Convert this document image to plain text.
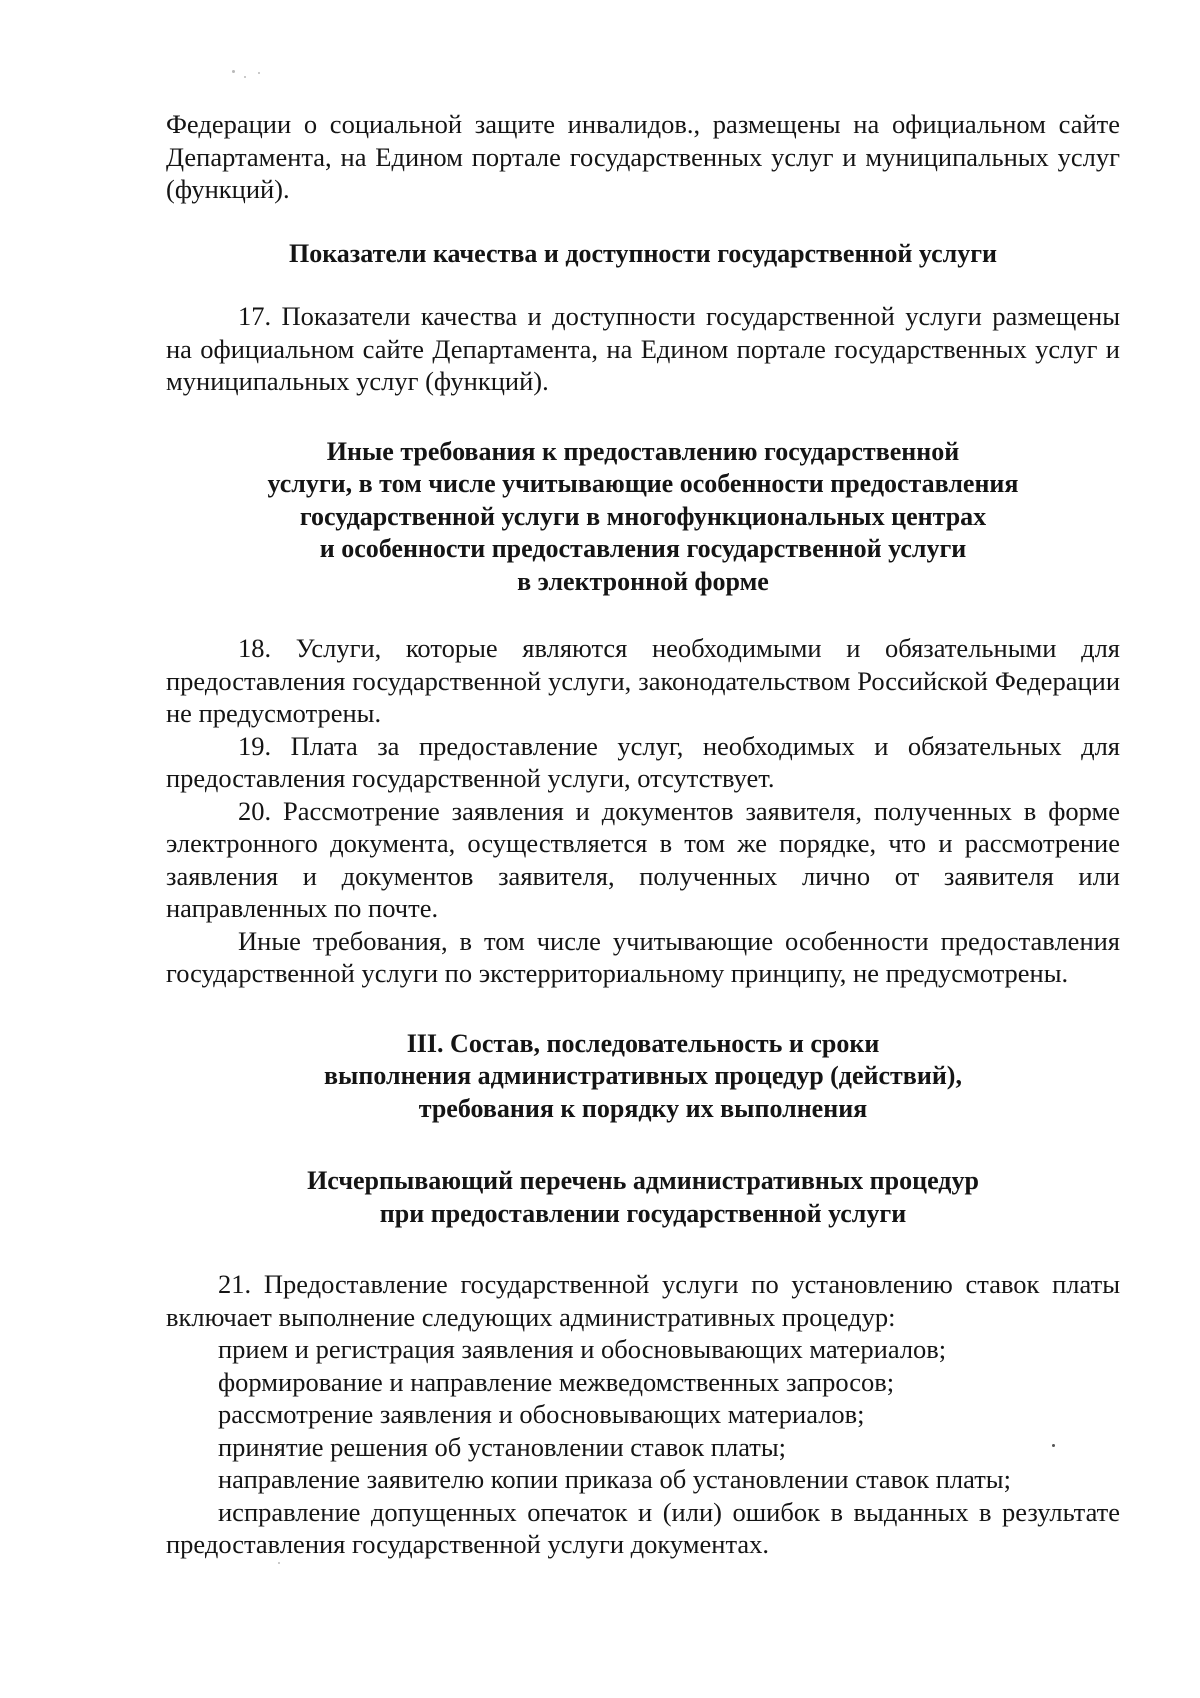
Федерации о социальной защите инвалидов., размещены на официальном сайте Департамента, на Едином портале государственных услуг и муниципальных услуг (функций).

Показатели качества и доступности государственной услуги

17. Показатели качества и доступности государственной услуги размещены на официальном сайте Департамента, на Едином портале государственных услуг и муниципальных услуг (функций).

Иные требования к предоставлению государственной
услуги, в том числе учитывающие особенности предоставления
государственной услуги в многофункциональных центрах
и особенности предоставления государственной услуги
в электронной форме

18. Услуги, которые являются необходимыми и обязательными для предоставления государственной услуги, законодательством Российской Федерации не предусмотрены.

19. Плата за предоставление услуг, необходимых и обязательных для предоставления государственной услуги, отсутствует.

20. Рассмотрение заявления и документов заявителя, полученных в форме электронного документа, осуществляется в том же порядке, что и рассмотрение заявления и документов заявителя, полученных лично от заявителя или направленных по почте.

Иные требования, в том числе учитывающие особенности предоставления государственной услуги по экстерриториальному принципу, не предусмотрены.

III. Состав, последовательность и сроки
выполнения административных процедур (действий),
требования к порядку их выполнения
Исчерпывающий перечень административных процедур
при предоставлении государственной услуги

21. Предоставление государственной услуги по установлению ставок платы включает выполнение следующих административных процедур:

прием и регистрация заявления и обосновывающих материалов;

формирование и направление межведомственных запросов;

рассмотрение заявления и обосновывающих материалов;

принятие решения об установлении ставок платы;

направление заявителю копии приказа об установлении ставок платы;

исправление допущенных опечаток и (или) ошибок в выданных в результате предоставления государственной услуги документах.
